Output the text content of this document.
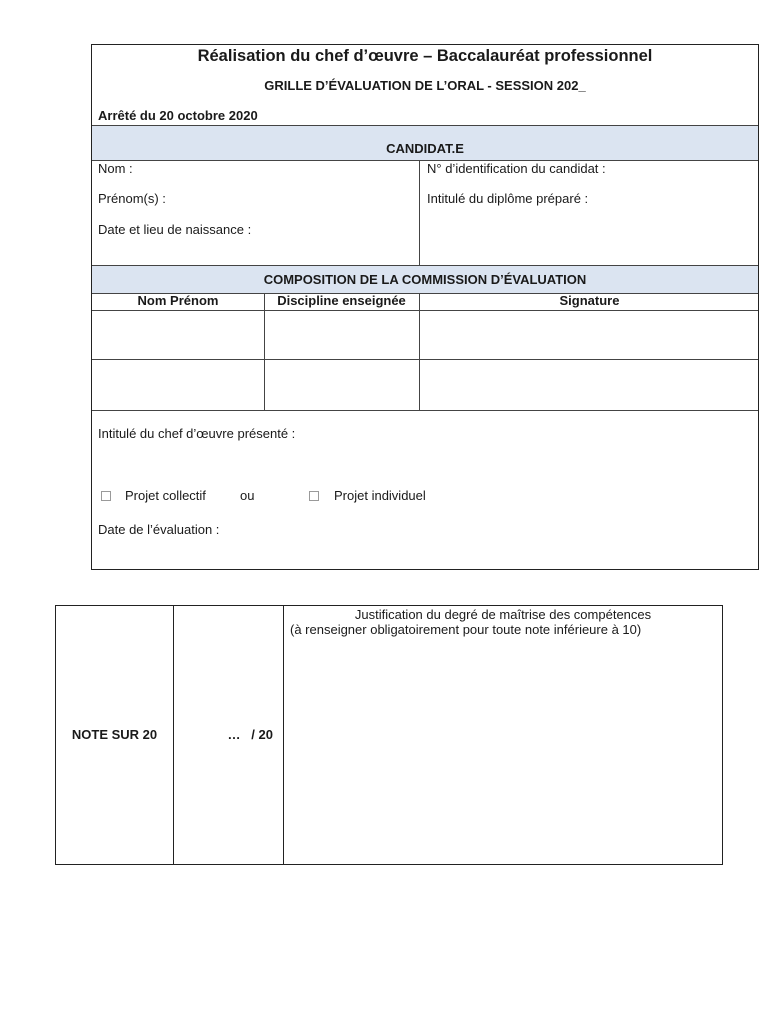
Réalisation du chef d’œuvre – Baccalauréat professionnel
GRILLE D’ÉVALUATION DE L’ORAL - SESSION 202_
Arrêté du 20 octobre 2020
CANDIDAT.E
Nom :
Prénom(s) :
Date et lieu de naissance :
N° d’identification du candidat :
Intitulé du diplôme préparé :
COMPOSITION DE LA COMMISSION D’ÉVALUATION
Nom Prénom	Discipline enseignée	Signature
Intitulé du chef d’œuvre présenté :
Projet collectif	ou	Projet individuel
Date de l’évaluation :
NOTE SUR 20	…   / 20
Justification du degré de maîtrise des compétences
(à renseigner obligatoirement pour toute note inférieure à 10)
